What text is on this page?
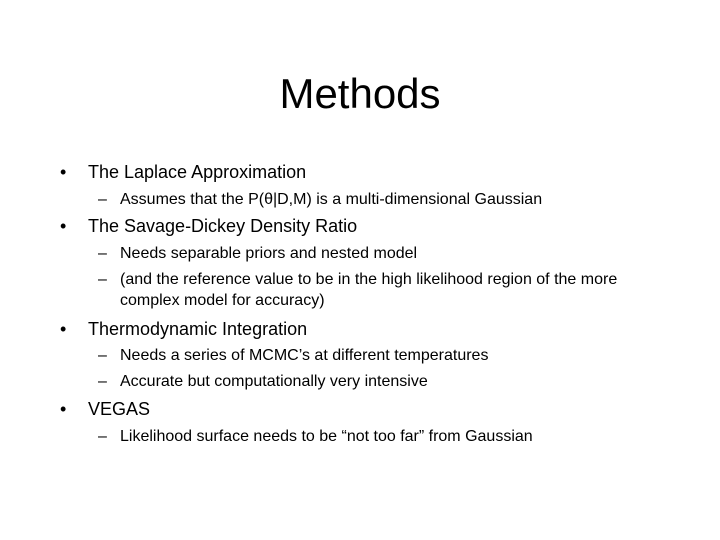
Methods
• The Laplace Approximation
– Assumes that the P(θ|D,M) is a multi-dimensional Gaussian
• The Savage-Dickey Density Ratio
– Needs separable priors and nested model
– (and the reference value to be in the high likelihood region of the more complex model for accuracy)
• Thermodynamic Integration
– Needs a series of MCMC’s at different temperatures
– Accurate but computationally very intensive
• VEGAS
– Likelihood surface needs to be “not too far” from Gaussian
